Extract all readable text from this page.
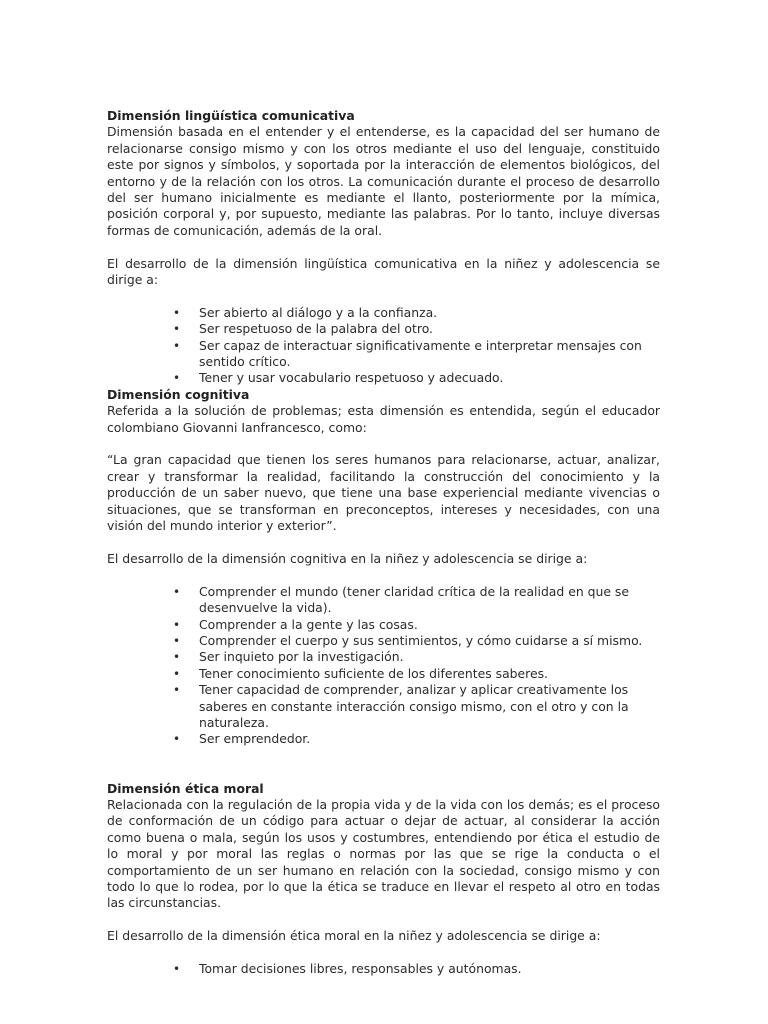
Dimensión lingüística comunicativa

Dimensión basada en el entender y el entenderse, es la capacidad del ser humano de relacionarse consigo mismo y con los otros mediante el uso del lenguaje, constituido este por signos y símbolos, y soportada por la interacción de elementos biológicos, del entorno y de la relación con los otros. La comunicación durante el proceso de desarrollo del ser humano inicialmente es mediante el llanto, posteriormente por la mímica, posición corporal y, por supuesto, mediante las palabras. Por lo tanto, incluye diversas formas de comunicación, además de la oral.

El desarrollo de la dimensión lingüística comunicativa en la niñez y adolescencia se dirige a:

• Ser abierto al diálogo y a la confianza.
• Ser respetuoso de la palabra del otro.
• Ser capaz de interactuar significativamente e interpretar mensajes con sentido crítico.
• Tener y usar vocabulario respetuoso y adecuado.
Dimensión cognitiva

Referida a la solución de problemas; esta dimensión es entendida, según el educador colombiano Giovanni Ianfrancesco, como:

“La gran capacidad que tienen los seres humanos para relacionarse, actuar, analizar, crear y transformar la realidad, facilitando la construcción del conocimiento y la producción de un saber nuevo, que tiene una base experiencial mediante vivencias o situaciones, que se transforman en preconceptos, intereses y necesidades, con una visión del mundo interior y exterior”.

El desarrollo de la dimensión cognitiva en la niñez y adolescencia se dirige a:

• Comprender el mundo (tener claridad crítica de la realidad en que se desenvuelve la vida).
• Comprender a la gente y las cosas.
• Comprender el cuerpo y sus sentimientos, y cómo cuidarse a sí mismo.
• Ser inquieto por la investigación.
• Tener conocimiento suficiente de los diferentes saberes.
• Tener capacidad de comprender, analizar y aplicar creativamente los saberes en constante interacción consigo mismo, con el otro y con la naturaleza.
• Ser emprendedor.
Dimensión ética moral

Relacionada con la regulación de la propia vida y de la vida con los demás; es el proceso de conformación de un código para actuar o dejar de actuar, al considerar la acción como buena o mala, según los usos y costumbres, entendiendo por ética el estudio de lo moral y por moral las reglas o normas por las que se rige la conducta o el comportamiento de un ser humano en relación con la sociedad, consigo mismo y con todo lo que lo rodea, por lo que la ética se traduce en llevar el respeto al otro en todas las circunstancias.

El desarrollo de la dimensión ética moral en la niñez y adolescencia se dirige a:

• Tomar decisiones libres, responsables y autónomas.
